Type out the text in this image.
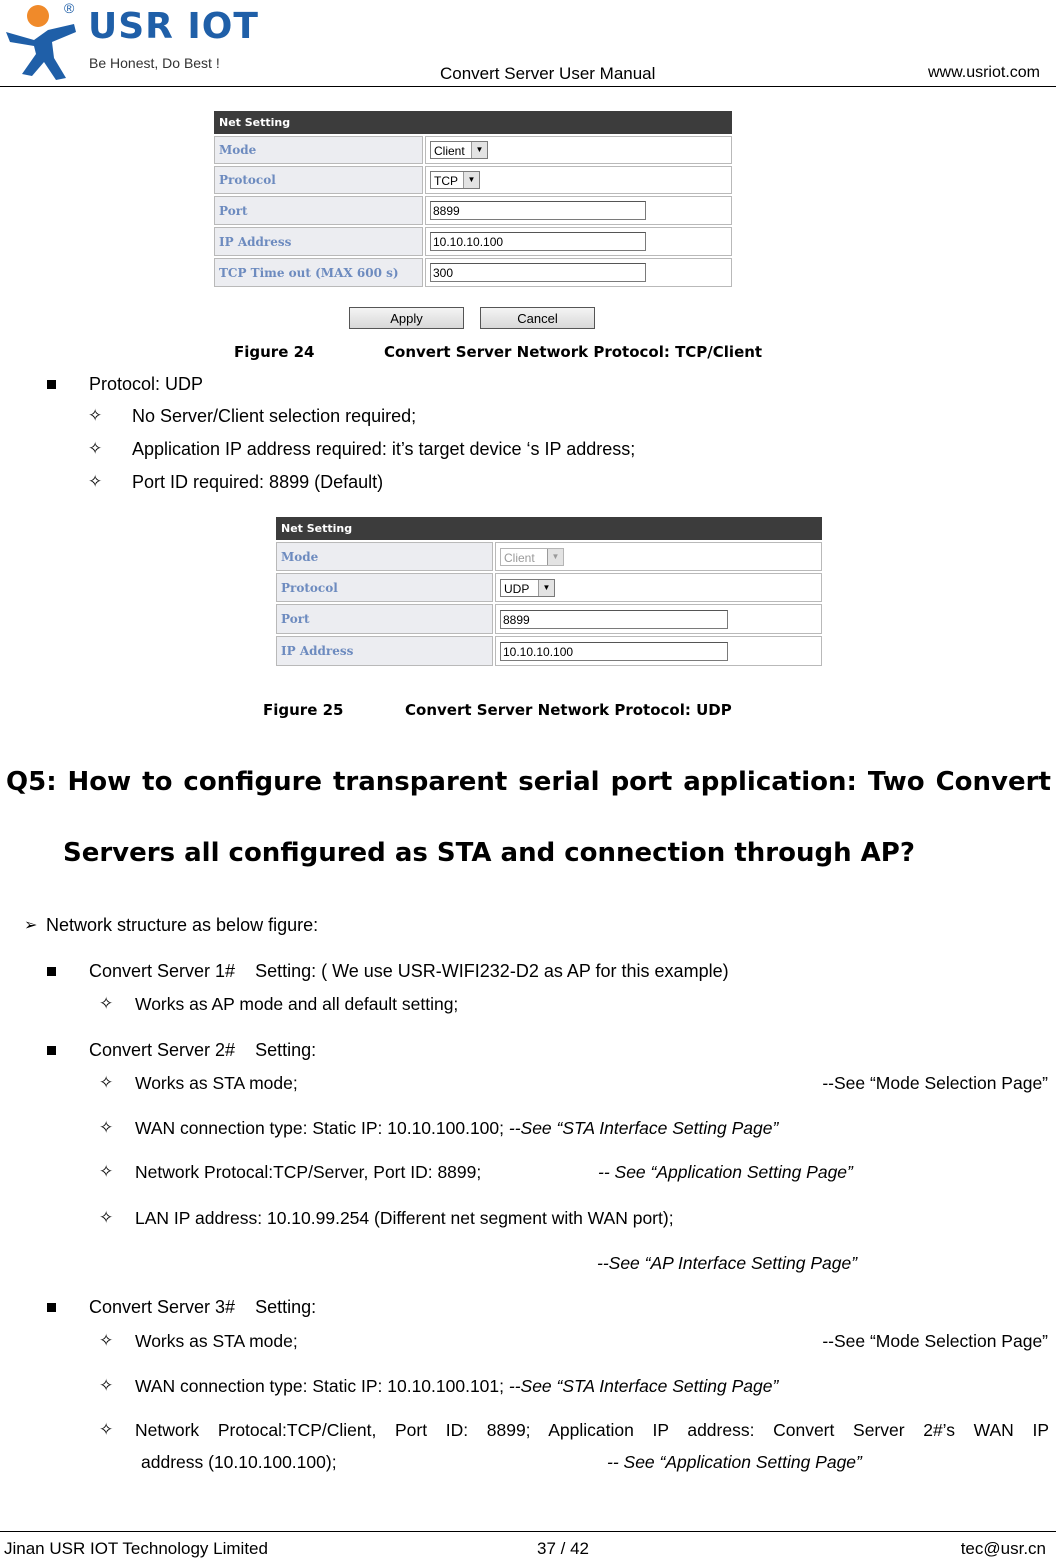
USR IOT
®
Be Honest, Do Best !
Convert Server User Manual	www.usriot.com
Net Setting	
Mode	Client ▼

Protocol	TCP ▼

Port	8899
IP Address	10.10.10.100
TCP Time out (MAX 600 s)	300
Apply	Cancel
Figure 24	Convert Server Network Protocol: TCP/Client
Protocol: UDP
✧ No Server/Client selection required;
✧ Application IP address required: it’s target device ‘s IP address;
✧ Port ID required: 8899 (Default)
Net Setting	
Mode	Client ▼

Protocol	UDP ▼

Port	8899
IP Address	10.10.10.100
Figure 25	Convert Server Network Protocol: UDP
Q5: How to configure transparent serial port application: Two Convert
Servers all configured as STA and connection through AP?
➢ Network structure as below figure:
Convert Server 1#    Setting: ( We use USR-WIFI232-D2 as AP for this example)
✧ Works as AP mode and all default setting;
Convert Server 2#    Setting:
✧ Works as STA mode;	--See “Mode Selection Page”
✧ WAN connection type: Static IP: 10.10.100.100; --See “STA Interface Setting Page”
✧ Network Protocal:TCP/Server, Port ID: 8899;	-- See “Application Setting Page”
✧ LAN IP address: 10.10.99.254 (Different net segment with WAN port);
--See “AP Interface Setting Page”
Convert Server 3#    Setting:
✧ Works as STA mode;	--See “Mode Selection Page”
✧ WAN connection type: Static IP: 10.10.100.101; --See “STA Interface Setting Page”
✧ Network Protocal:TCP/Client, Port ID: 8899; Application IP address: Convert Server 2#’s WAN IP
address (10.10.100.100);	-- See “Application Setting Page”
Jinan USR IOT Technology Limited	37 / 42	tec@usr.cn
